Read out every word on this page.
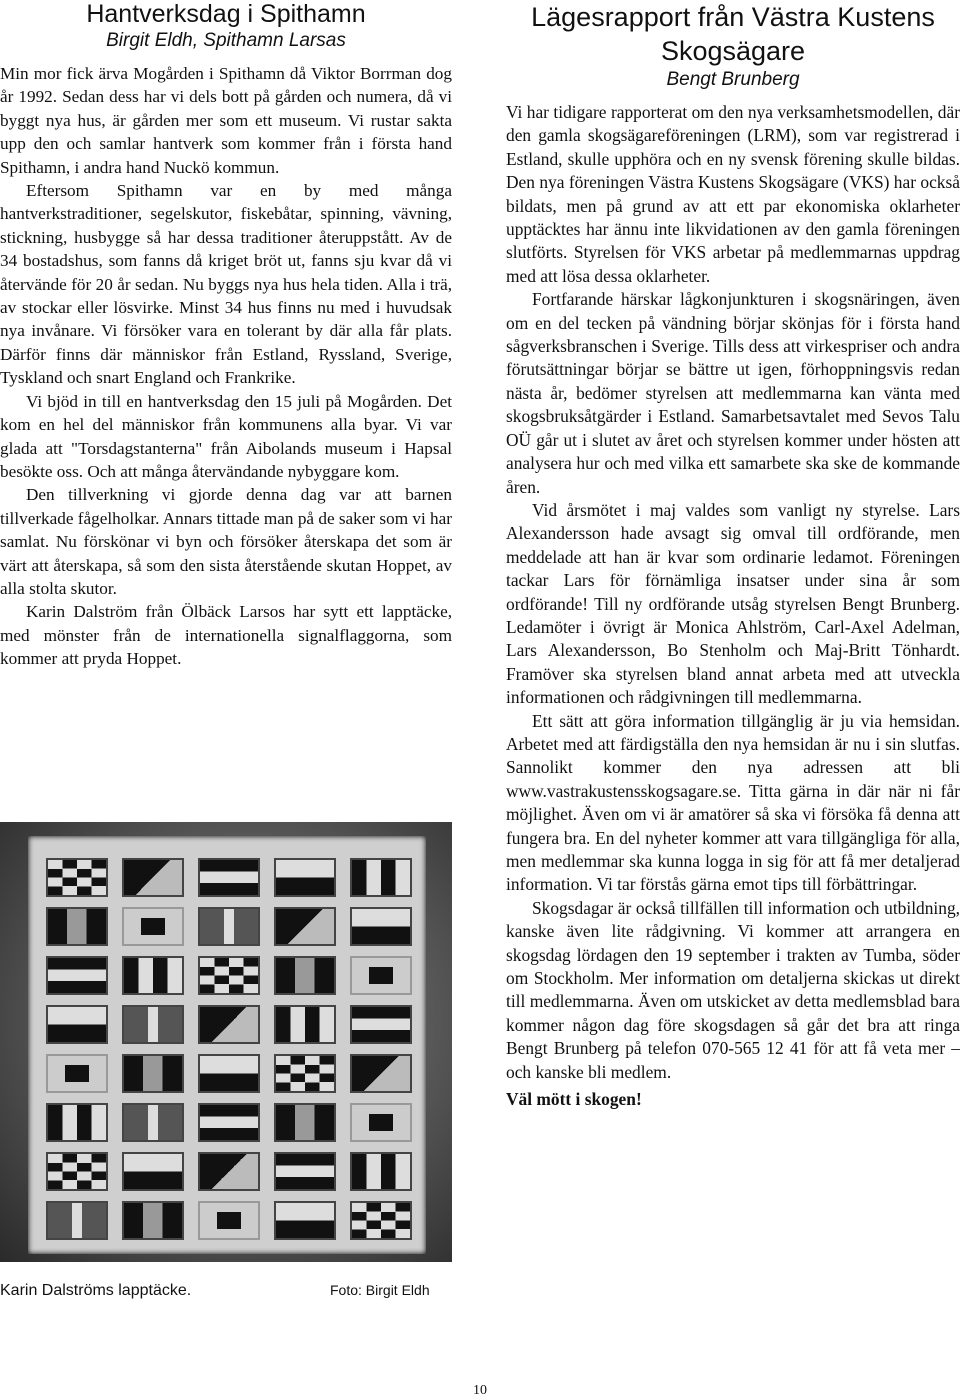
Hantverksdag i Spithamn
Birgit Eldh, Spithamn Larsas

Min mor fick ärva Mogården i Spithamn då Viktor Borrman dog år 1992. Sedan dess har vi dels bott på gården och numera, då vi byggt nya hus, är gården mer som ett museum. Vi rustar sakta upp den och samlar hantverk som kommer från i första hand Spithamn, i andra hand Nuckö kommun.

Eftersom Spithamn var en by med många hantverkstraditioner, segelskutor, fiskebåtar, spinning, vävning, stickning, husbygge så har dessa traditioner återuppstått. Av de 34 bostadshus, som fanns då kriget bröt ut, fanns sju kvar då vi återvände för 20 år sedan. Nu byggs nya hus hela tiden. Alla i trä, av stockar eller lösvirke. Minst 34 hus finns nu med i huvudsak nya invånare. Vi försöker vara en tolerant by där alla får plats. Därför finns där människor från Estland, Ryssland, Sverige, Tyskland och snart England och Frankrike.

Vi bjöd in till en hantverksdag den 15 juli på Mogården. Det kom en hel del människor från kommunens alla byar. Vi var glada att "Torsdagstanterna" från Aibolands museum i Hapsal besökte oss. Och att många återvändande nybyggare kom.

Den tillverkning vi gjorde denna dag var att barnen tillverkade fågelholkar. Annars tittade man på de saker som vi har samlat. Nu förskönar vi byn och försöker återskapa det som är värt att återskapa, så som den sista återstående skutan Hoppet, av alla stolta skutor.

Karin Dalström från Ölbäck Larsos har sytt ett lapptäcke, med mönster från de internationella signalflaggorna, som kommer att pryda Hoppet.

Karin Dalströms lapptäcke.	Foto: Birgit Eldh
Lägesrapport från Västra Kustens Skogsägare
Bengt Brunberg

Vi har tidigare rapporterat om den nya verksamhetsmodellen, där den gamla skogsägareföreningen (LRM), som var registrerad i Estland, skulle upphöra och en ny svensk förening skulle bildas. Den nya föreningen Västra Kustens Skogsägare (VKS) har också bildats, men på grund av att ett par ekonomiska oklarheter upptäcktes har ännu inte likvidationen av den gamla föreningen slutförts. Styrelsen för VKS arbetar på medlemmarnas uppdrag med att lösa dessa oklarheter.

Fortfarande härskar lågkonjunkturen i skogsnäringen, även om en del tecken på vändning börjar skönjas för i första hand sågverksbranschen i Sverige. Tills dess att virkespriser och andra förutsättningar börjar se bättre ut igen, förhoppningsvis redan nästa år, bedömer styrelsen att medlemmarna kan vänta med skogsbruksåtgärder i Estland. Samarbetsavtalet med Sevos Talu OÜ går ut i slutet av året och styrelsen kommer under hösten att analysera hur och med vilka ett samarbete ska ske de kommande åren.

Vid årsmötet i maj valdes som vanligt ny styrelse. Lars Alexandersson hade avsagt sig omval till ordförande, men meddelade att han är kvar som ordinarie ledamot. Föreningen tackar Lars för förnämliga insatser under sina år som ordförande! Till ny ordförande utsåg styrelsen Bengt Brunberg. Ledamöter i övrigt är Monica Ahlström, Carl-Axel Adelman, Lars Alexandersson, Bo Stenholm och Maj-Britt Tönhardt. Framöver ska styrelsen bland annat arbeta med att utveckla informationen och rådgivningen till medlemmarna.

Ett sätt att göra information tillgänglig är ju via hemsidan. Arbetet med att färdigställa den nya hemsidan är nu i sin slutfas. Sannolikt kommer den nya adressen att bli www.vastrakustensskogsagare.se. Titta gärna in där när ni får möjlighet. Även om vi är amatörer så ska vi försöka få denna att fungera bra. En del nyheter kommer att vara tillgängliga för alla, men medlemmar ska kunna logga in sig för att få mer detaljerad information. Vi tar förstås gärna emot tips till förbättringar.

Skogsdagar är också tillfällen till information och utbildning, kanske även lite rådgivning. Vi kommer att arrangera en skogsdag lördagen den 19 september i trakten av Tumba, söder om Stockholm. Mer information om detaljerna skickas ut direkt till medlemmarna. Även om utskicket av detta medlemsblad bara kommer någon dag före skogsdagen så går det bra att ringa Bengt Brunberg på telefon 070-565 12 41 för att få veta mer – och kanske bli medlem.

Väl mött i skogen!

10
